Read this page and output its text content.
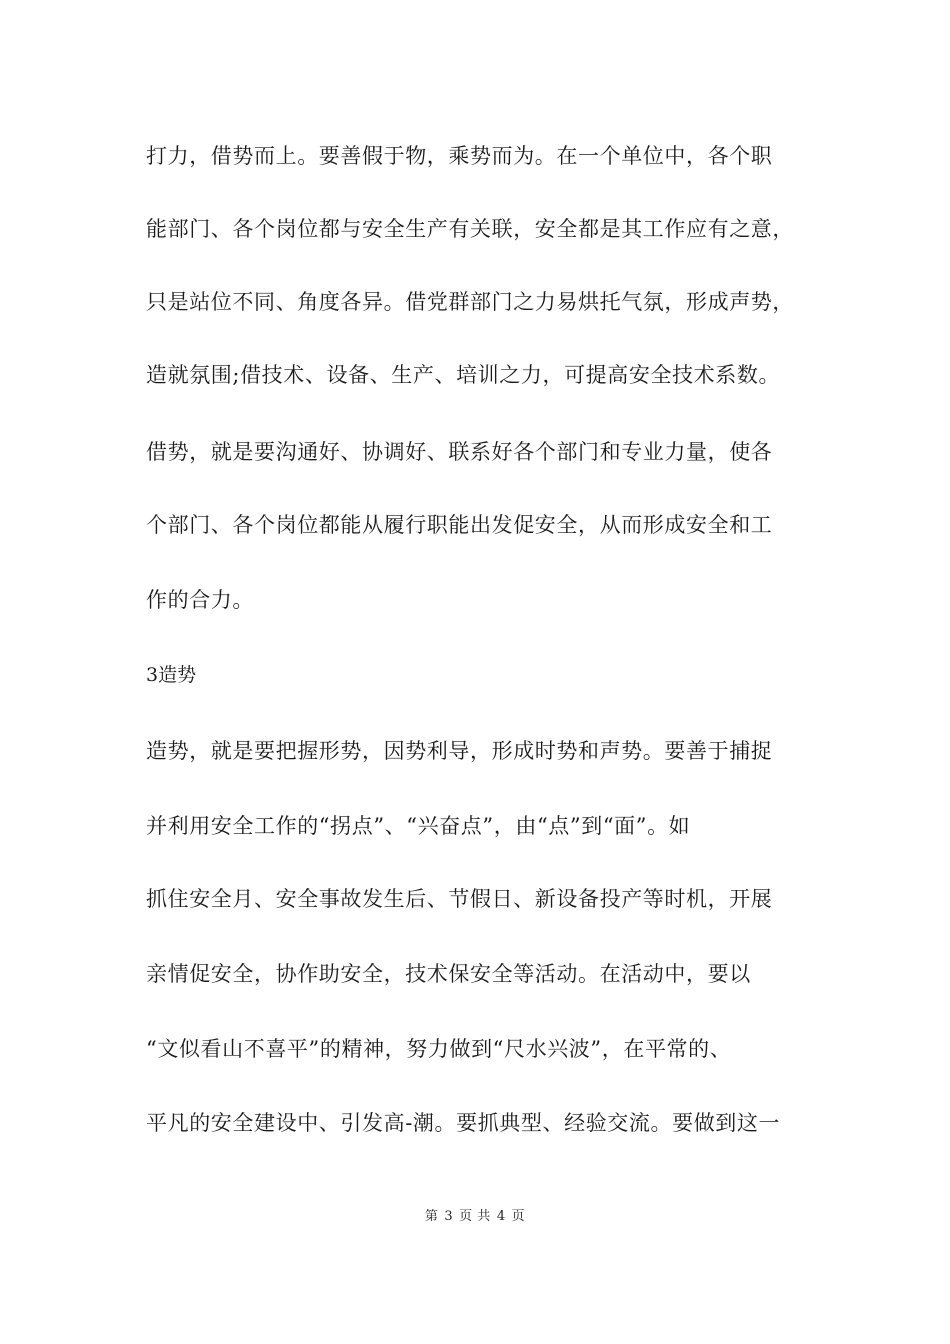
打力，借势而上。要善假于物，乘势而为。在一个单位中，各个职
能部门、各个岗位都与安全生产有关联，安全都是其工作应有之意，
只是站位不同、角度各异。借党群部门之力易烘托气氛，形成声势，
造就氛围;借技术、设备、生产、培训之力，可提高安全技术系数。
借势，就是要沟通好、协调好、联系好各个部门和专业力量，使各
个部门、各个岗位都能从履行职能出发促安全，从而形成安全和工
作的合力。
3造势
造势，就是要把握形势，因势利导，形成时势和声势。要善于捕捉
并利用安全工作的“拐点”、“兴奋点”，由“点”到“面”。如
抓住安全月、安全事故发生后、节假日、新设备投产等时机，开展
亲情促安全，协作助安全，技术保安全等活动。在活动中，要以
“文似看山不喜平”的精神，努力做到“尺水兴波”，在平常的、
平凡的安全建设中、引发高-潮。要抓典型、经验交流。要做到这一
第 3 页 共 4 页
